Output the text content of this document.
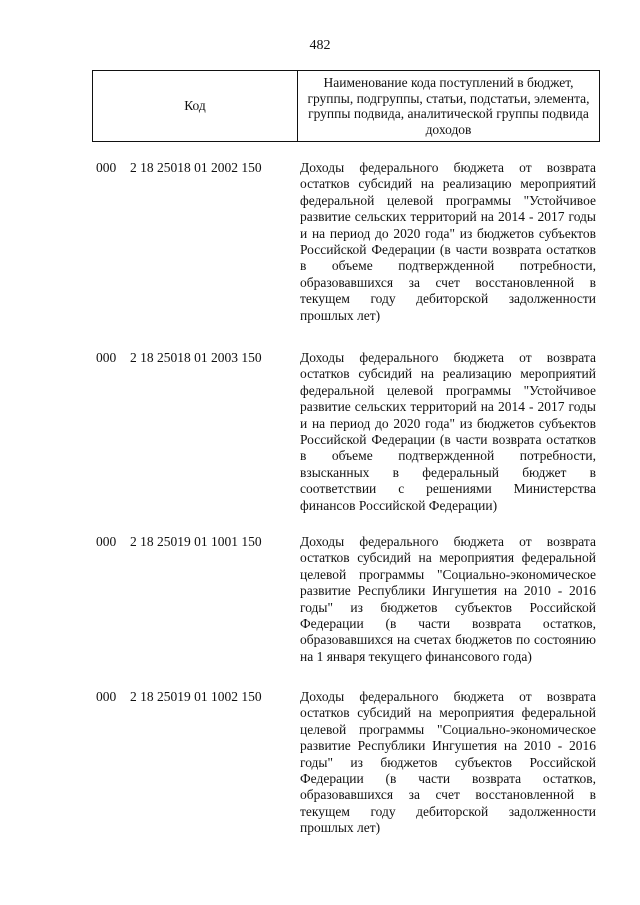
482
Код	Наименование кода поступлений в бюджет, группы, подгруппы, статьи, подстатьи, элемента, группы подвида, аналитической группы подвида доходов
000	2 18 25018 01 2002 150	Доходы федерального бюджета от возврата остатков субсидий на реализацию мероприятий федеральной целевой программы "Устойчивое развитие сельских территорий на 2014 - 2017 годы и на период до 2020 года" из бюджетов субъектов Российской Федерации (в части возврата остатков в объеме подтвержденной потребности, образовавшихся за счет восстановленной в текущем году дебиторской задолженности прошлых лет)
000	2 18 25018 01 2003 150	Доходы федерального бюджета от возврата остатков субсидий на реализацию мероприятий федеральной целевой программы "Устойчивое развитие сельских территорий на 2014 - 2017 годы и на период до 2020 года" из бюджетов субъектов Российской Федерации (в части возврата остатков в объеме подтвержденной потребности, взысканных в федеральный бюджет в соответствии с решениями Министерства финансов Российской Федерации)
000	2 18 25019 01 1001 150	Доходы федерального бюджета от возврата остатков субсидий на мероприятия федеральной целевой программы "Социально-экономическое развитие Республики Ингушетия на 2010 - 2016 годы" из бюджетов субъектов Российской Федерации (в части возврата остатков, образовавшихся на счетах бюджетов по состоянию на 1 января текущего финансового года)
000	2 18 25019 01 1002 150	Доходы федерального бюджета от возврата остатков субсидий на мероприятия федеральной целевой программы "Социально-экономическое развитие Республики Ингушетия на 2010 - 2016 годы" из бюджетов субъектов Российской Федерации (в части возврата остатков, образовавшихся за счет восстановленной в текущем году дебиторской задолженности прошлых лет)
